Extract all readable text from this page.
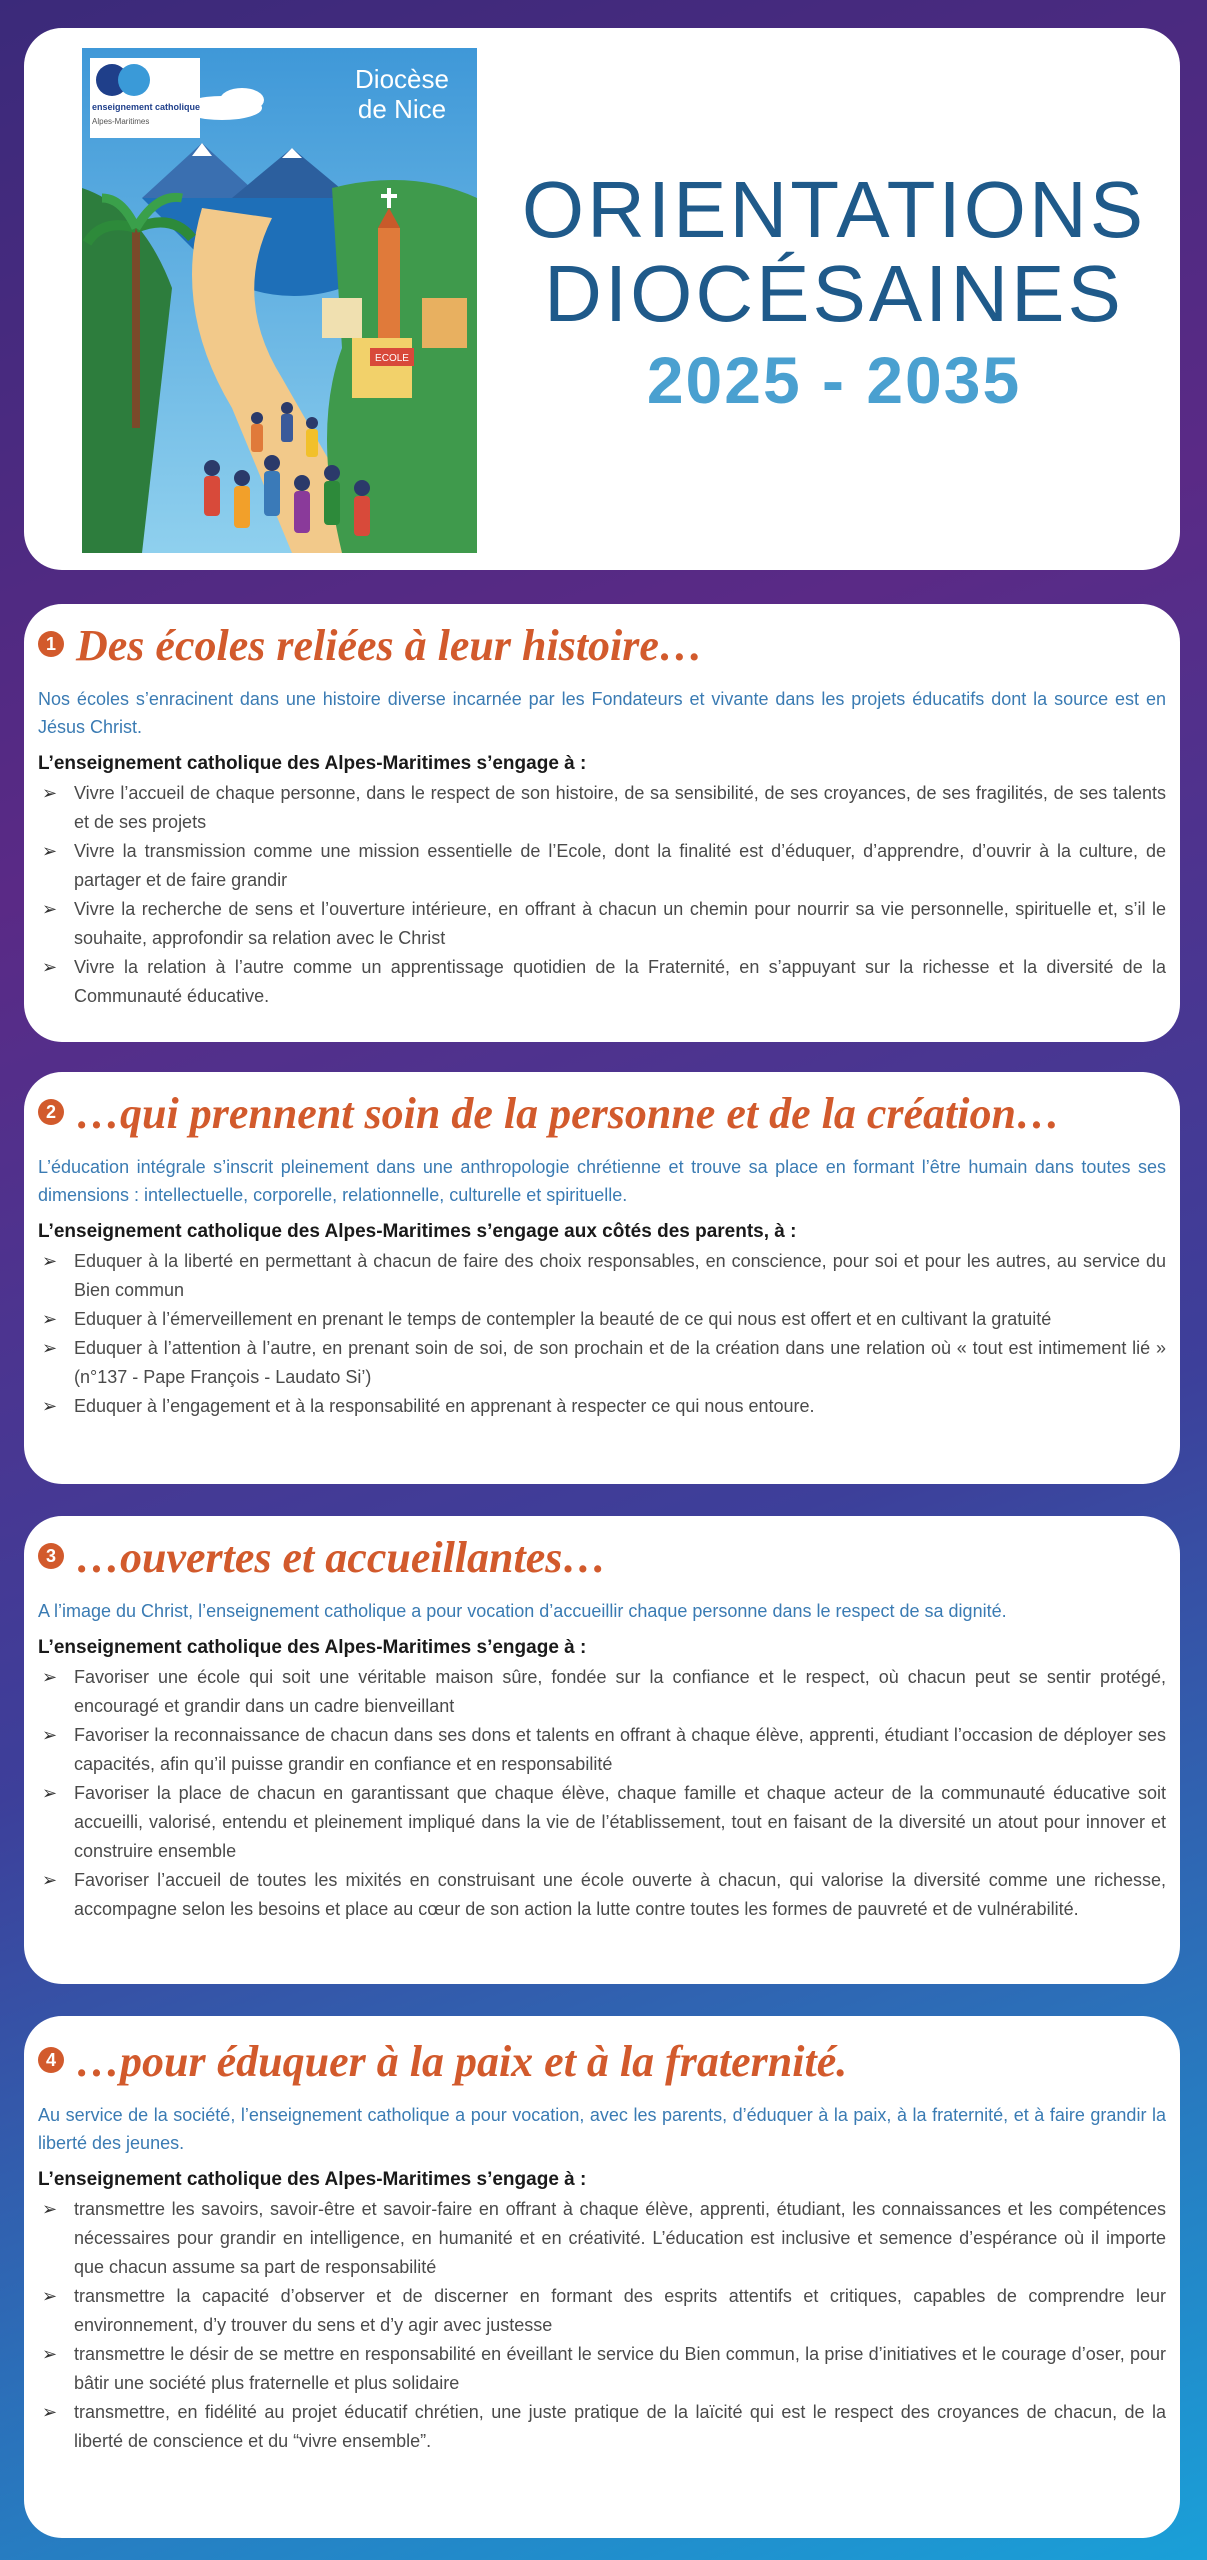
ECOLE
enseignement catholique
Alpes-Maritimes
Diocèse
de Nice
ORIENTATIONS
DIOCÉSAINES
2025 - 2035
1 Des écoles reliées à leur histoire…

Nos écoles s’enracinent dans une histoire diverse incarnée par les Fondateurs et vivante dans les projets éducatifs dont la source est en Jésus Christ.

L’enseignement catholique des Alpes-Maritimes s’engage à :

➢ Vivre l’accueil de chaque personne, dans le respect de son histoire, de sa sensibilité, de ses croyances, de ses fragilités, de ses talents et de ses projets
➢ Vivre la transmission comme une mission essentielle de l’Ecole, dont la finalité est d’éduquer, d’apprendre, d’ouvrir à la culture, de partager et de faire grandir
➢ Vivre la recherche de sens et l’ouverture intérieure, en offrant à chacun un chemin pour nourrir sa vie personnelle, spirituelle et, s’il le souhaite, approfondir sa relation avec le Christ
➢ Vivre la relation à l’autre comme un apprentissage quotidien de la Fraternité, en s’appuyant sur la richesse et la diversité de la Communauté éducative.
2 …qui prennent soin de la personne et de la création…

L’éducation intégrale s’inscrit pleinement dans une anthropologie chrétienne et trouve sa place en formant l’être humain dans toutes ses dimensions : intellectuelle, corporelle, relationnelle, culturelle et spirituelle.

L’enseignement catholique des Alpes-Maritimes s’engage aux côtés des parents, à :

➢ Eduquer à la liberté en permettant à chacun de faire des choix responsables, en conscience, pour soi et pour les autres, au service du Bien commun
➢ Eduquer à l’émerveillement en prenant le temps de contempler la beauté de ce qui nous est offert et en cultivant la gratuité
➢ Eduquer à l’attention à l’autre, en prenant soin de soi, de son prochain et de la création dans une relation où « tout est intimement lié » (n°137 - Pape François - Laudato Si’)
➢ Eduquer à l’engagement et à la responsabilité en apprenant à respecter ce qui nous entoure.
3 …ouvertes et accueillantes…

A l’image du Christ, l’enseignement catholique a pour vocation d’accueillir chaque personne dans le respect de sa dignité.

L’enseignement catholique des Alpes-Maritimes s’engage à :

➢ Favoriser une école qui soit une véritable maison sûre, fondée sur la confiance et le respect, où chacun peut se sentir protégé, encouragé et grandir dans un cadre bienveillant
➢ Favoriser la reconnaissance de chacun dans ses dons et talents en offrant à chaque élève, apprenti, étudiant l’occasion de déployer ses capacités, afin qu’il puisse grandir en confiance et en responsabilité
➢ Favoriser la place de chacun en garantissant que chaque élève, chaque famille et chaque acteur de la communauté éducative soit accueilli, valorisé, entendu et pleinement impliqué dans la vie de l’établissement, tout en faisant de la diversité un atout pour innover et construire ensemble
➢ Favoriser l’accueil de toutes les mixités en construisant une école ouverte à chacun, qui valorise la diversité comme une richesse, accompagne selon les besoins et place au cœur de son action la lutte contre toutes les formes de pauvreté et de vulnérabilité.
4 …pour éduquer à la paix et à la fraternité.

Au service de la société, l’enseignement catholique a pour vocation, avec les parents, d’éduquer à la paix, à la fraternité, et à faire grandir la liberté des jeunes.

L’enseignement catholique des Alpes-Maritimes s’engage à :

➢ transmettre les savoirs, savoir-être et savoir-faire en offrant à chaque élève, apprenti, étudiant, les connaissances et les compétences nécessaires pour grandir en intelligence, en humanité et en créativité. L’éducation est inclusive et semence d’espérance où il importe que chacun assume sa part de responsabilité
➢ transmettre la capacité d’observer et de discerner en formant des esprits attentifs et critiques, capables de comprendre leur environnement, d’y trouver du sens et d’y agir avec justesse
➢ transmettre le désir de se mettre en responsabilité en éveillant le service du Bien commun, la prise d’initiatives et le courage d’oser, pour bâtir une société plus fraternelle et plus solidaire
➢ transmettre, en fidélité au projet éducatif chrétien, une juste pratique de la laïcité qui est le respect des croyances de chacun, de la liberté de conscience et du “vivre ensemble”.
